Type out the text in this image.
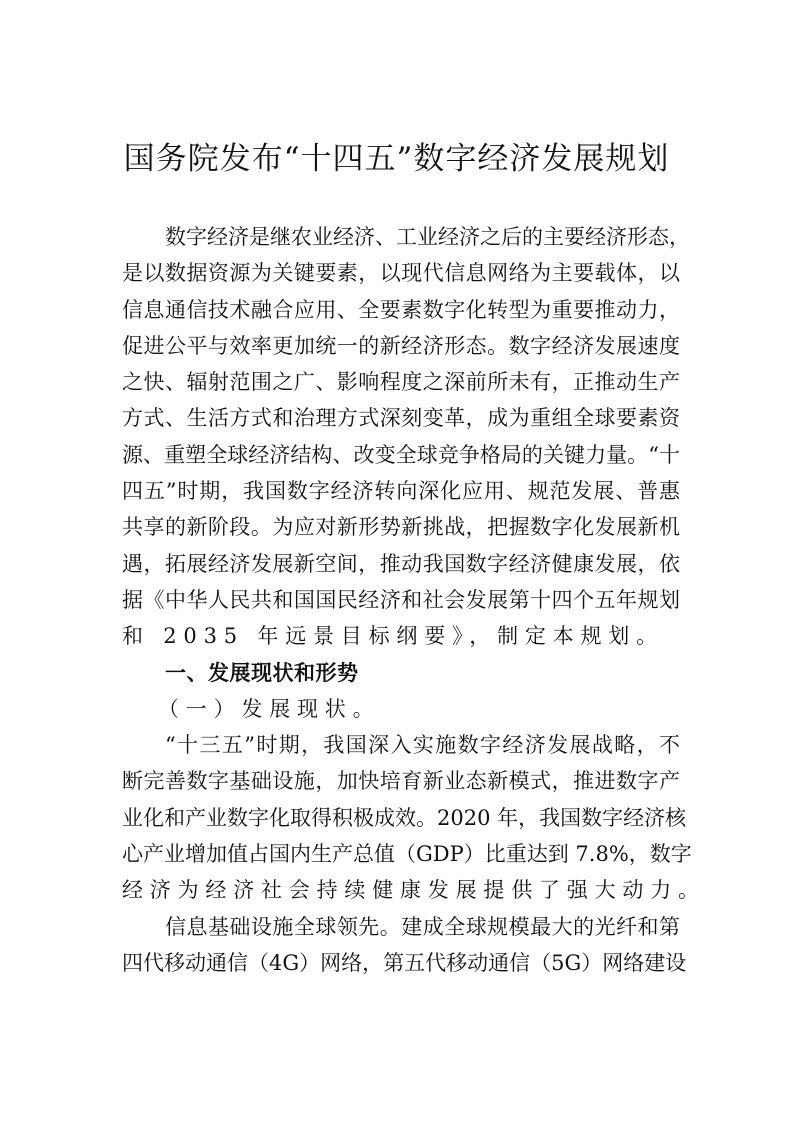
国务院发布“十四五”数字经济发展规划
数字经济是继农业经济、工业经济之后的主要经济形态，
是以数据资源为关键要素，以现代信息网络为主要载体，以
信息通信技术融合应用、全要素数字化转型为重要推动力，
促进公平与效率更加统一的新经济形态。数字经济发展速度
之快、辐射范围之广、影响程度之深前所未有，正推动生产
方式、生活方式和治理方式深刻变革，成为重组全球要素资
源、重塑全球经济结构、改变全球竞争格局的关键力量。“十
四五”时期，我国数字经济转向深化应用、规范发展、普惠
共享的新阶段。为应对新形势新挑战，把握数字化发展新机
遇，拓展经济发展新空间，推动我国数字经济健康发展，依
据《中华人民共和国国民经济和社会发展第十四个五年规划
和 2035 年远景目标纲要》，制定本规划。
一、发展现状和形势
（一）发展现状。
“十三五”时期，我国深入实施数字经济发展战略，不
断完善数字基础设施，加快培育新业态新模式，推进数字产
业化和产业数字化取得积极成效。2020 年，我国数字经济核
心产业增加值占国内生产总值（GDP）比重达到 7.8%，数字
经济为经济社会持续健康发展提供了强大动力。
信息基础设施全球领先。建成全球规模最大的光纤和第
四代移动通信（4G）网络，第五代移动通信（5G）网络建设
